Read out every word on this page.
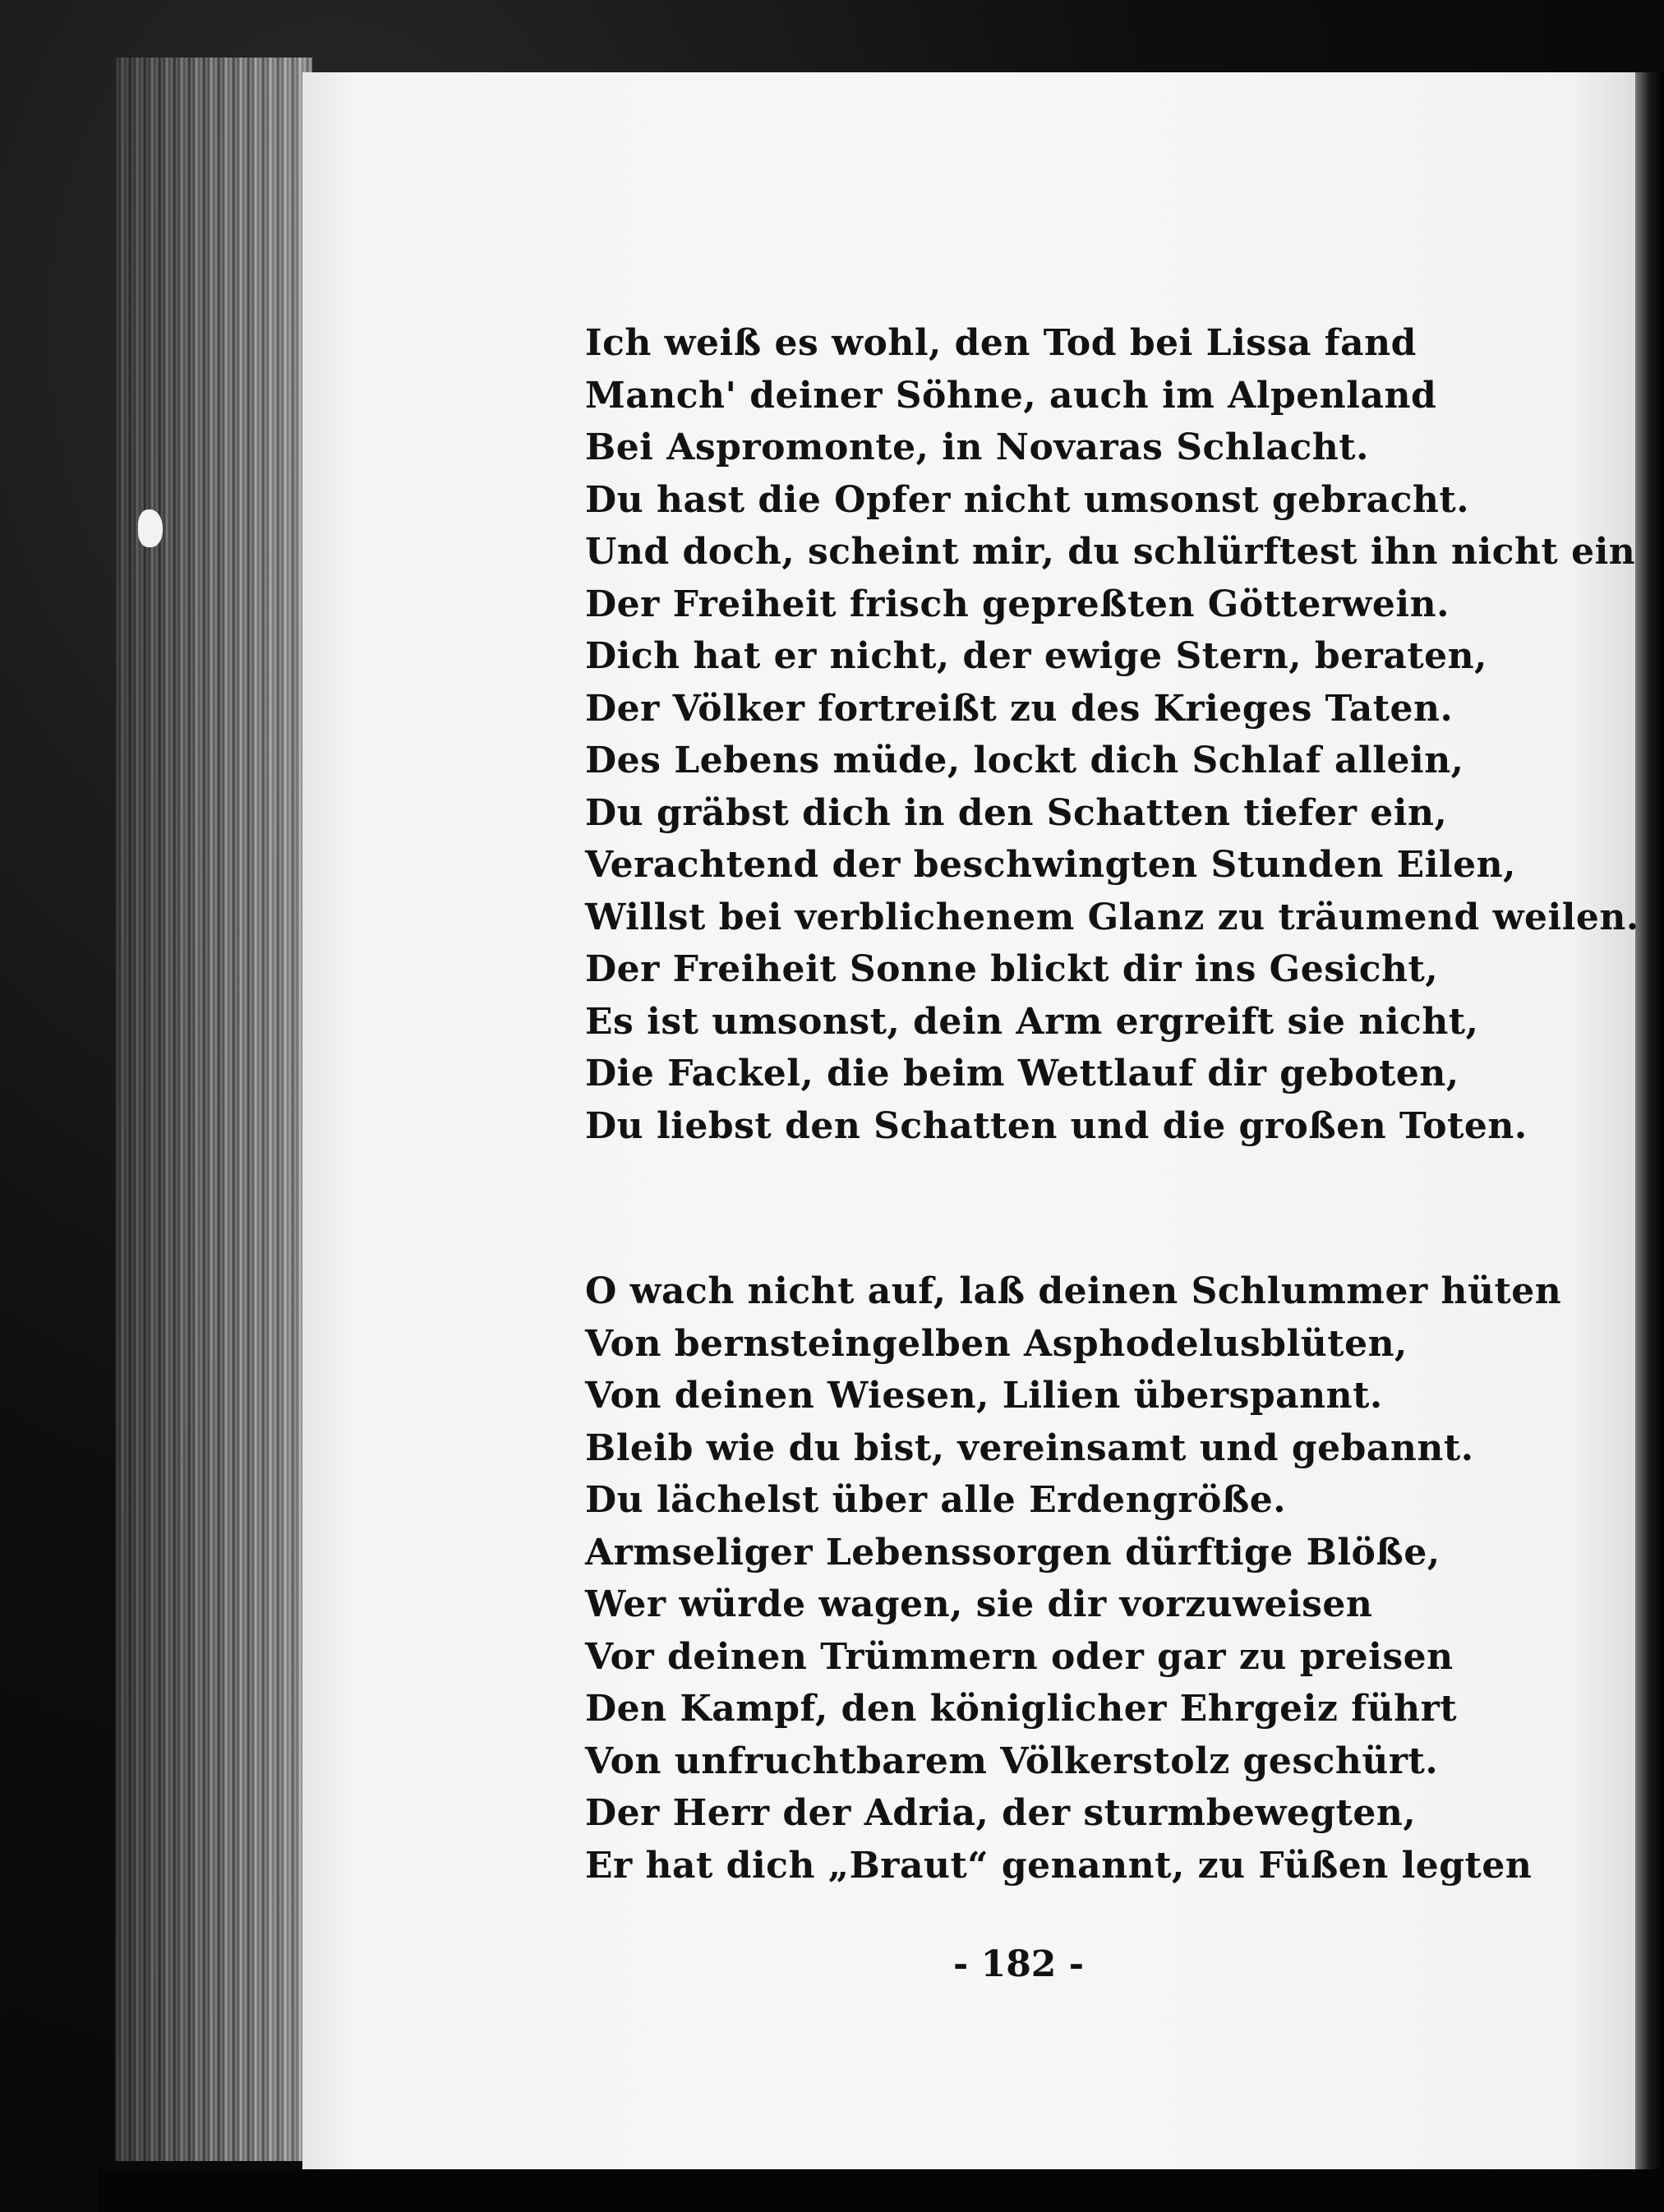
Ich weiß es wohl, den Tod bei Lissa fand
Manch' deiner Söhne, auch im Alpenland
Bei Aspromonte, in Novaras Schlacht.
Du hast die Opfer nicht umsonst gebracht.
Und doch, scheint mir, du schlürftest ihn nicht ein
Der Freiheit frisch gepreßten Götterwein.
Dich hat er nicht, der ewige Stern, beraten,
Der Völker fortreißt zu des Krieges Taten.
Des Lebens müde, lockt dich Schlaf allein,
Du gräbst dich in den Schatten tiefer ein,
Verachtend der beschwingten Stunden Eilen,
Willst bei verblichenem Glanz zu träumend weilen.
Der Freiheit Sonne blickt dir ins Gesicht,
Es ist umsonst, dein Arm ergreift sie nicht,
Die Fackel, die beim Wettlauf dir geboten,
Du liebst den Schatten und die großen Toten.
O wach nicht auf, laß deinen Schlummer hüten
Von bernsteingelben Asphodelusblüten,
Von deinen Wiesen, Lilien überspannt.
Bleib wie du bist, vereinsamt und gebannt.
Du lächelst über alle Erdengröße.
Armseliger Lebenssorgen dürftige Blöße,
Wer würde wagen, sie dir vorzuweisen
Vor deinen Trümmern oder gar zu preisen
Den Kampf, den königlicher Ehrgeiz führt
Von unfruchtbarem Völkerstolz geschürt.
Der Herr der Adria, der sturmbewegten,
Er hat dich „Braut“ genannt, zu Füßen legten
- 182 -
